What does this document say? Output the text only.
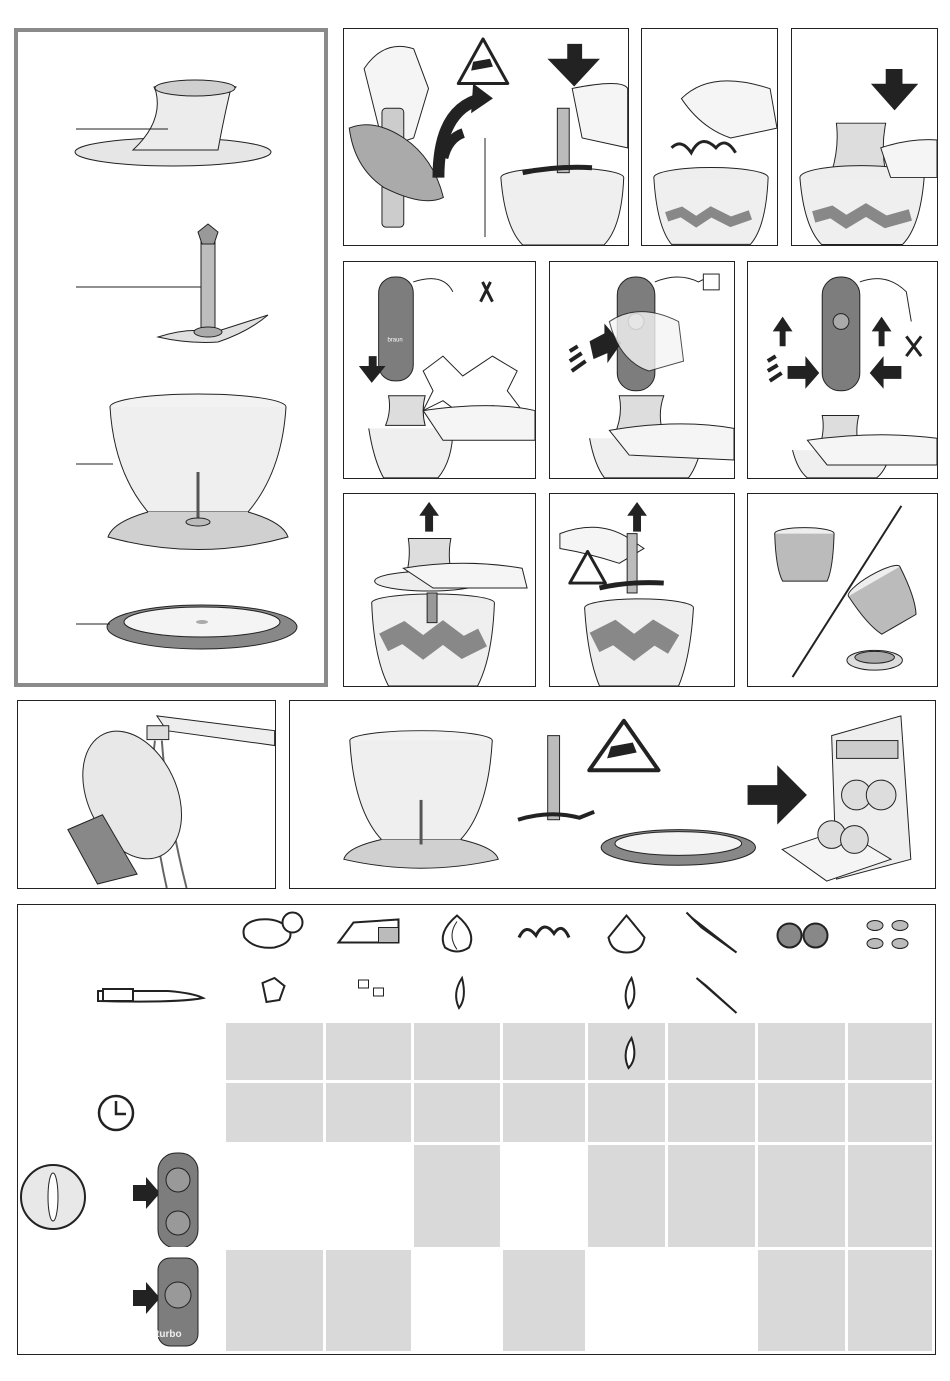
braun
turbo
